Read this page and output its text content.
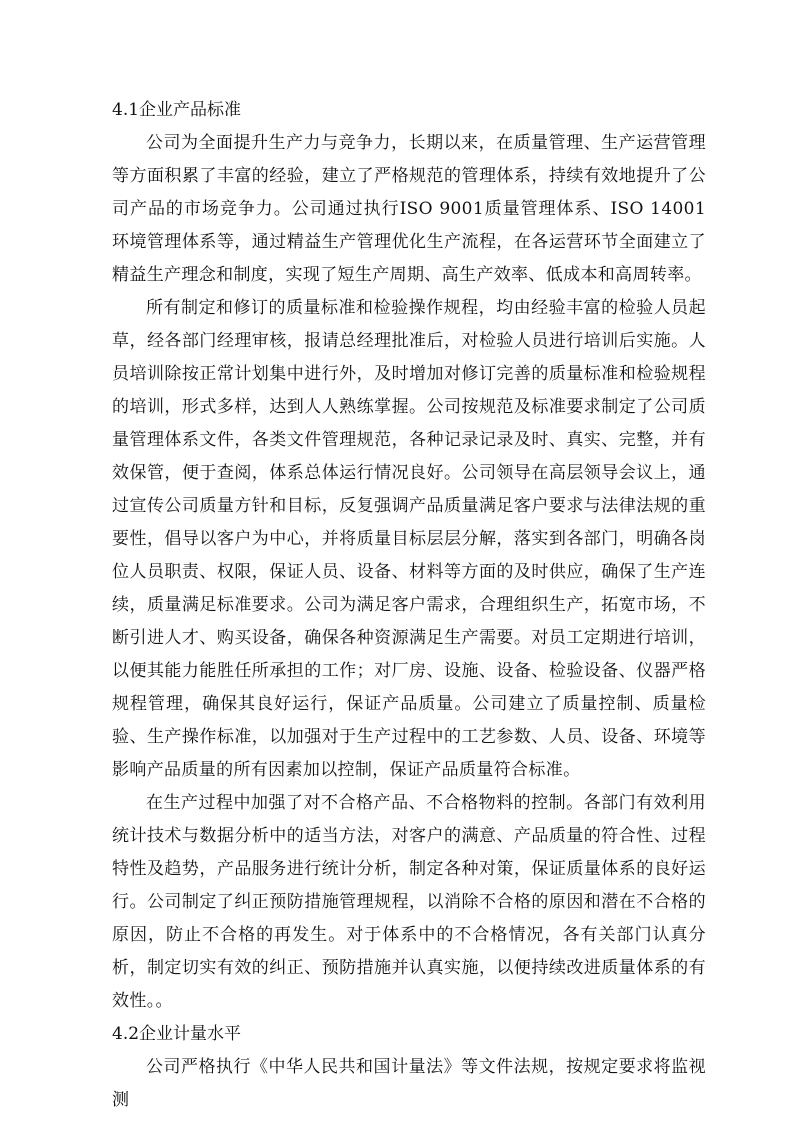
4.1企业产品标准

公司为全面提升生产力与竞争力，长期以来，在质量管理、生产运营管理等方面积累了丰富的经验，建立了严格规范的管理体系，持续有效地提升了公司产品的市场竞争力。公司通过执行ISO 9001质量管理体系、ISO 14001环境管理体系等，通过精益生产管理优化生产流程，在各运营环节全面建立了精益生产理念和制度，实现了短生产周期、高生产效率、低成本和高周转率。

所有制定和修订的质量标准和检验操作规程，均由经验丰富的检验人员起草，经各部门经理审核，报请总经理批准后，对检验人员进行培训后实施。人员培训除按正常计划集中进行外，及时增加对修订完善的质量标准和检验规程的培训，形式多样，达到人人熟练掌握。公司按规范及标准要求制定了公司质量管理体系文件，各类文件管理规范，各种记录记录及时、真实、完整，并有效保管，便于查阅，体系总体运行情况良好。公司领导在高层领导会议上，通过宣传公司质量方针和目标，反复强调产品质量满足客户要求与法律法规的重要性，倡导以客户为中心，并将质量目标层层分解，落实到各部门，明确各岗位人员职责、权限，保证人员、设备、材料等方面的及时供应，确保了生产连续，质量满足标准要求。公司为满足客户需求，合理组织生产，拓宽市场，不断引进人才、购买设备，确保各种资源满足生产需要。对员工定期进行培训，以便其能力能胜任所承担的工作；对厂房、设施、设备、检验设备、仪器严格规程管理，确保其良好运行，保证产品质量。公司建立了质量控制、质量检验、生产操作标准，以加强对于生产过程中的工艺参数、人员、设备、环境等影响产品质量的所有因素加以控制，保证产品质量符合标准。

在生产过程中加强了对不合格产品、不合格物料的控制。各部门有效利用统计技术与数据分析中的适当方法，对客户的满意、产品质量的符合性、过程特性及趋势，产品服务进行统计分析，制定各种对策，保证质量体系的良好运行。公司制定了纠正预防措施管理规程，以消除不合格的原因和潜在不合格的原因，防止不合格的再发生。对于体系中的不合格情况，各有关部门认真分析，制定切实有效的纠正、预防措施并认真实施，以便持续改进质量体系的有效性。。

4.2企业计量水平

公司严格执行《中华人民共和国计量法》等文件法规，按规定要求将监视测
